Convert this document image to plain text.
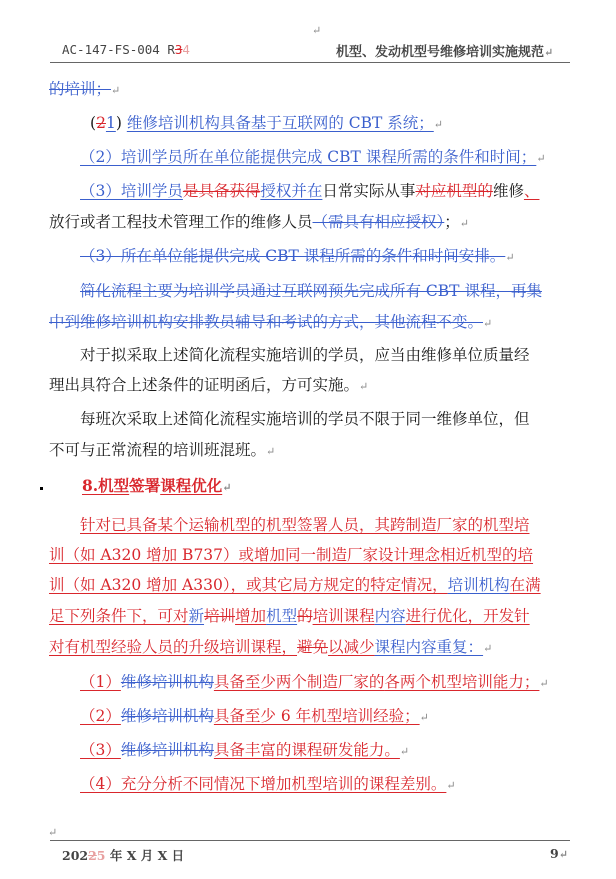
↵
AC-147-FS-004 R34	机型、发动机型号维修培训实施规范↵
的培训；↵
(21) 维修培训机构具备基于互联网的 CBT 系统；↵
（2）培训学员所在单位能提供完成 CBT 课程所需的条件和时间；↵
（3）培训学员是具备获得授权并在日常实际从事对应机型的维修、
放行或者工程技术管理工作的维修人员（需具有相应授权）；↵
（3）所在单位能提供完成 CBT 课程所需的条件和时间安排。↵
简化流程主要为培训学员通过互联网预先完成所有 CBT 课程，再集
中到维修培训机构安排教员辅导和考试的方式，其他流程不变。↵
对于拟采取上述简化流程实施培训的学员，应当由维修单位质量经
理出具符合上述条件的证明函后，方可实施。↵
每班次采取上述简化流程实施培训的学员不限于同一维修单位，但
不可与正常流程的培训班混班。↵
8.机型签署课程优化↵
针对已具备某个运输机型的机型签署人员，其跨制造厂家的机型培
训（如 A320 增加 B737）或增加同一制造厂家设计理念相近机型的培
训（如 A320 增加 A330），或其它局方规定的特定情况，培训机构在满
足下列条件下，可对新培训增加机型的培训课程内容进行优化，开发针
对有机型经验人员的升级培训课程，避免以减少课程内容重复：↵
（1）维修培训机构具备至少两个制造厂家的各两个机型培训能力；↵
（2）维修培训机构具备至少 6 年机型培训经验；↵
（3）维修培训机构具备丰富的课程研发能力。↵
（4）充分分析不同情况下增加机型培训的课程差别。↵
↵
20225 年 X 月 X 日	9↵
